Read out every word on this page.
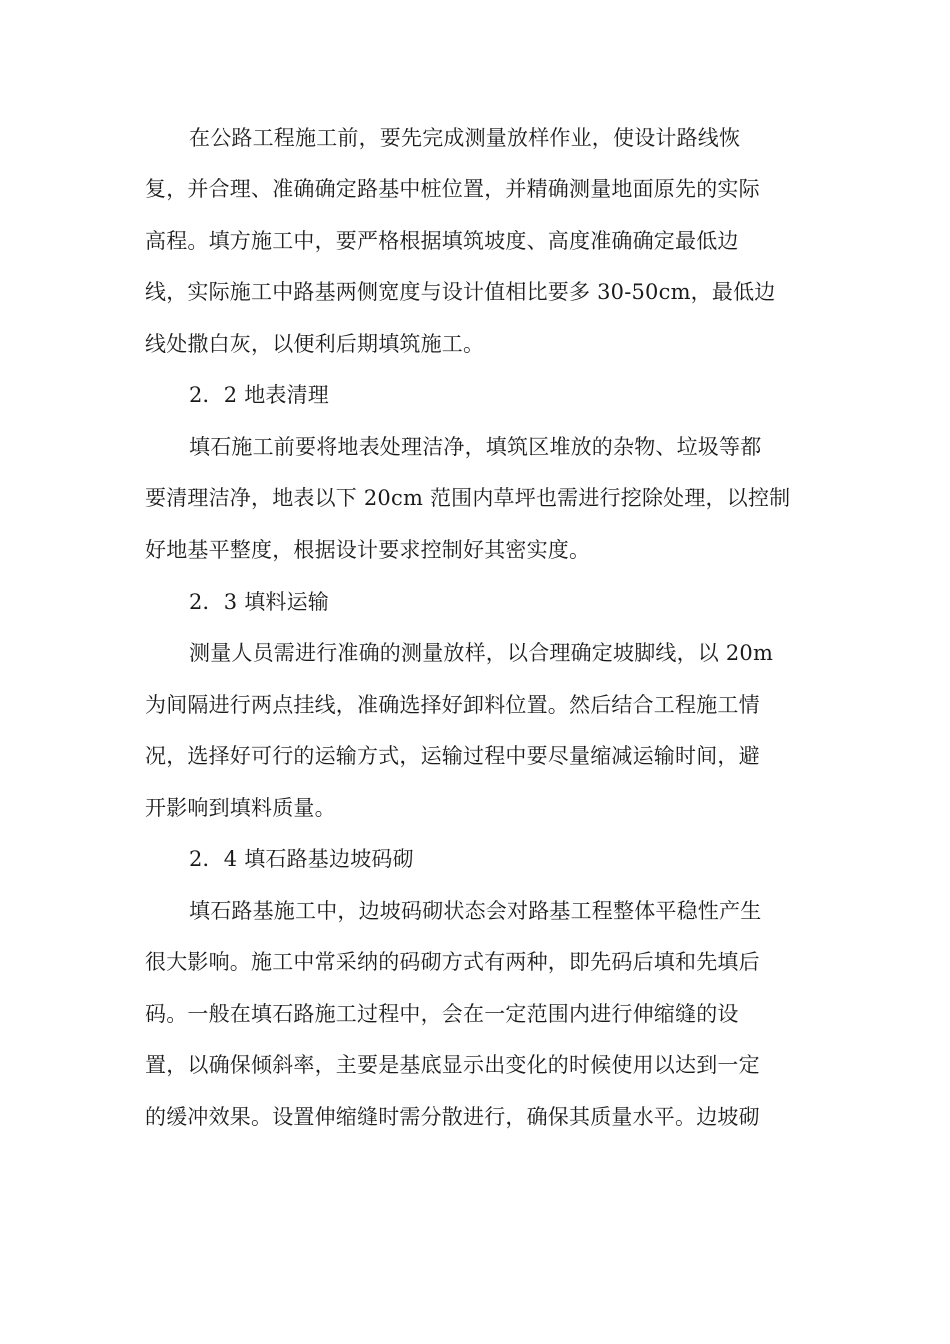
在公路工程施工前，要先完成测量放样作业，使设计路线恢
复，并合理、准确确定路基中桩位置，并精确测量地面原先的实际
高程。填方施工中，要严格根据填筑坡度、高度准确确定最低边
线，实际施工中路基两侧宽度与设计值相比要多 30-50cm，最低边
线处撒白灰，以便利后期填筑施工。
2．2 地表清理
填石施工前要将地表处理洁净，填筑区堆放的杂物、垃圾等都
要清理洁净，地表以下 20cm 范围内草坪也需进行挖除处理，以控制
好地基平整度，根据设计要求控制好其密实度。
2．3 填料运输
测量人员需进行准确的测量放样，以合理确定坡脚线，以 20m
为间隔进行两点挂线，准确选择好卸料位置。然后结合工程施工情
况，选择好可行的运输方式，运输过程中要尽量缩减运输时间，避
开影响到填料质量。
2．4 填石路基边坡码砌
填石路基施工中，边坡码砌状态会对路基工程整体平稳性产生
很大影响。施工中常采纳的码砌方式有两种，即先码后填和先填后
码。一般在填石路施工过程中，会在一定范围内进行伸缩缝的设
置，以确保倾斜率，主要是基底显示出变化的时候使用以达到一定
的缓冲效果。设置伸缩缝时需分散进行，确保其质量水平。边坡砌
